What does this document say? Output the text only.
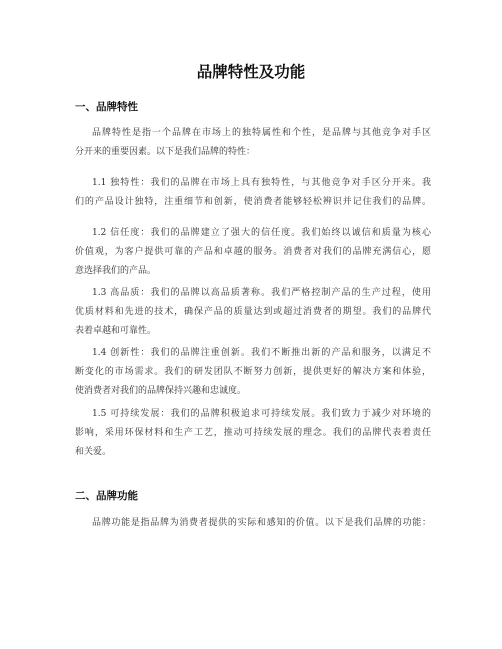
品牌特性及功能
一、品牌特性
品牌特性是指一个品牌在市场上的独特属性和个性，是品牌与其他竞争对手区
分开来的重要因素。以下是我们品牌的特性：
1.1 独特性：我们的品牌在市场上具有独特性，与其他竞争对手区分开来。我
们的产品设计独特，注重细节和创新，使消费者能够轻松辨识并记住我们的品牌。
1.2 信任度：我们的品牌建立了强大的信任度。我们始终以诚信和质量为核心
价值观，为客户提供可靠的产品和卓越的服务。消费者对我们的品牌充满信心，愿
意选择我们的产品。
1.3 高品质：我们的品牌以高品质著称。我们严格控制产品的生产过程，使用
优质材料和先进的技术，确保产品的质量达到或超过消费者的期望。我们的品牌代
表着卓越和可靠性。
1.4 创新性：我们的品牌注重创新。我们不断推出新的产品和服务，以满足不
断变化的市场需求。我们的研发团队不断努力创新，提供更好的解决方案和体验，
使消费者对我们的品牌保持兴趣和忠诚度。
1.5 可持续发展：我们的品牌积极追求可持续发展。我们致力于减少对环境的
影响，采用环保材料和生产工艺，推动可持续发展的理念。我们的品牌代表着责任
和关爱。
二、品牌功能
品牌功能是指品牌为消费者提供的实际和感知的价值。以下是我们品牌的功能：
